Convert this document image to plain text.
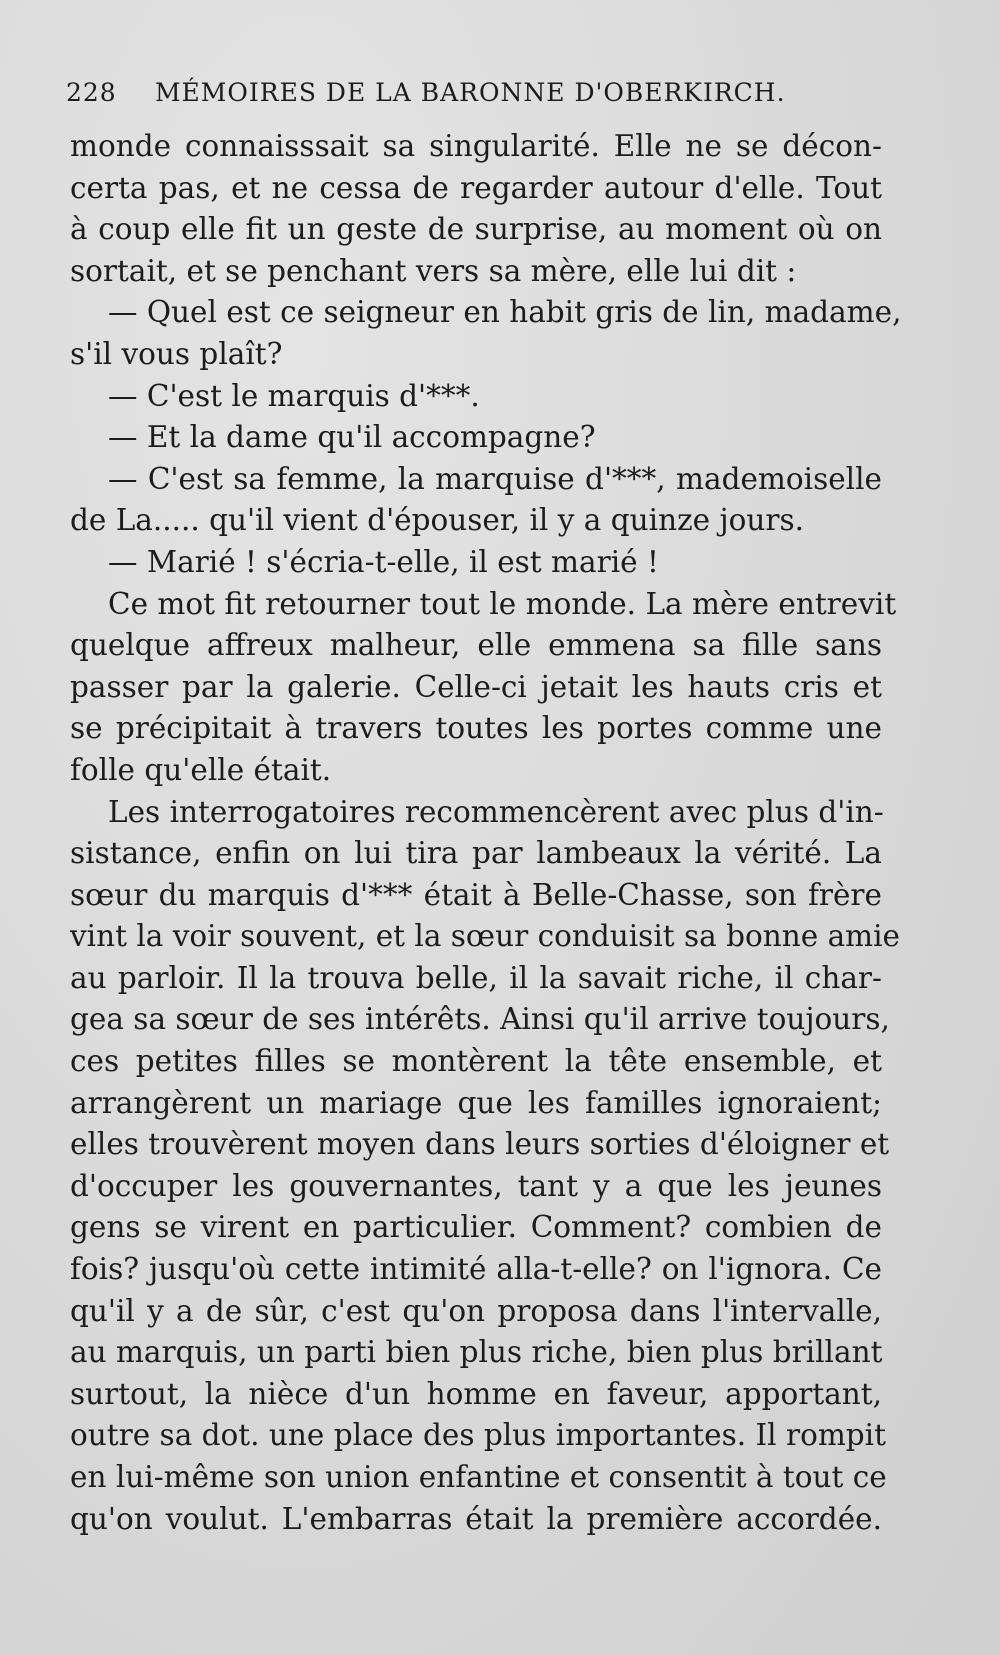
228 MÉMOIRES DE LA BARONNE D'OBERKIRCH.
monde connaisssait sa singularité. Elle ne se décon-
certa pas, et ne cessa de regarder autour d'elle. Tout
à coup elle fit un geste de surprise, au moment où on
sortait, et se penchant vers sa mère, elle lui dit :
— Quel est ce seigneur en habit gris de lin, madame,
s'il vous plaît?
— C'est le marquis d'***.
— Et la dame qu'il accompagne?
— C'est sa femme, la marquise d'***, mademoiselle
de La..... qu'il vient d'épouser, il y a quinze jours.
— Marié ! s'écria-t-elle, il est marié !
Ce mot fit retourner tout le monde. La mère entrevit
quelque affreux malheur, elle emmena sa fille sans
passer par la galerie. Celle-ci jetait les hauts cris et
se précipitait à travers toutes les portes comme une
folle qu'elle était.
Les interrogatoires recommencèrent avec plus d'in-
sistance, enfin on lui tira par lambeaux la vérité. La
sœur du marquis d'*** était à Belle-Chasse, son frère
vint la voir souvent, et la sœur conduisit sa bonne amie
au parloir. Il la trouva belle, il la savait riche, il char-
gea sa sœur de ses intérêts. Ainsi qu'il arrive toujours,
ces petites filles se montèrent la tête ensemble, et
arrangèrent un mariage que les familles ignoraient;
elles trouvèrent moyen dans leurs sorties d'éloigner et
d'occuper les gouvernantes, tant y a que les jeunes
gens se virent en particulier. Comment? combien de
fois? jusqu'où cette intimité alla-t-elle? on l'ignora. Ce
qu'il y a de sûr, c'est qu'on proposa dans l'intervalle,
au marquis, un parti bien plus riche, bien plus brillant
surtout, la nièce d'un homme en faveur, apportant,
outre sa dot. une place des plus importantes. Il rompit
en lui-même son union enfantine et consentit à tout ce
qu'on voulut. L'embarras était la première accordée.
